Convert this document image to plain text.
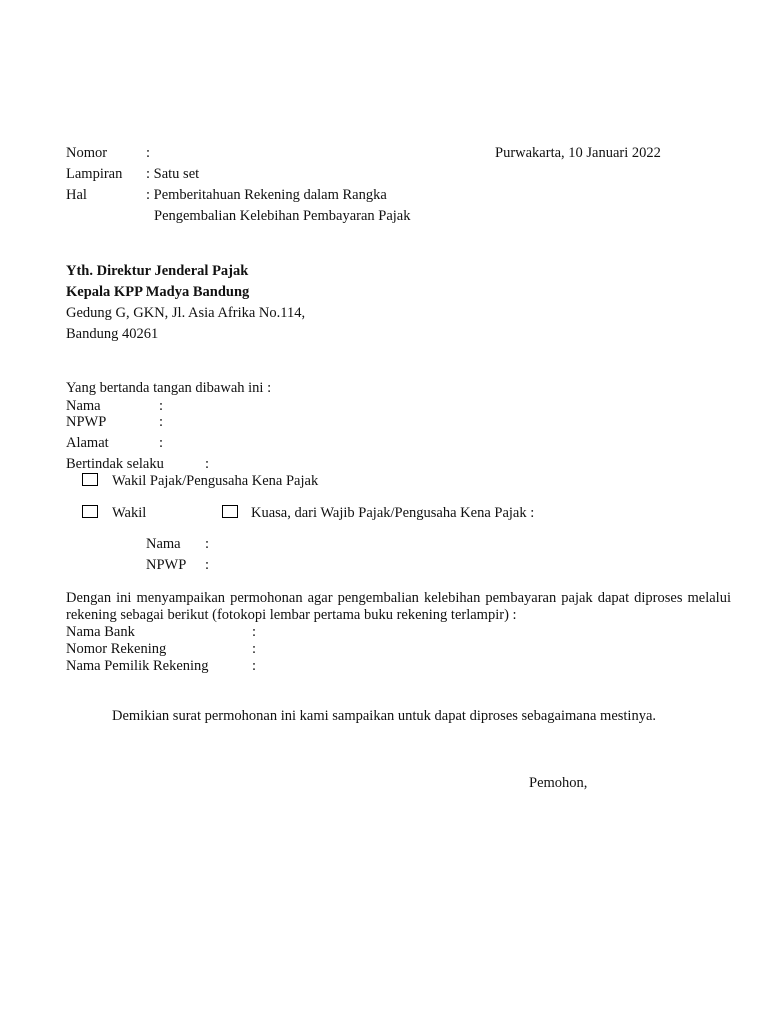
Nomor	:	Purwakarta, 10 Januari 2022
Lampiran : Satu set
Hal	: Pemberitahuan Rekening dalam Rangka
Pengembalian Kelebihan Pembayaran Pajak
Yth. Direktur Jenderal Pajak
Kepala KPP Madya Bandung
Gedung G, GKN, Jl. Asia Afrika No.114,
Bandung 40261
Yang bertanda tangan dibawah ini :
Nama	:
NPWP	:
Alamat	:
Bertindak selaku	:
Wakil Pajak/Pengusaha Kena Pajak
Wakil	Kuasa, dari Wajib Pajak/Pengusaha Kena Pajak :
Nama :
NPWP :
Dengan ini menyampaikan permohonan agar pengembalian kelebihan pembayaran pajak dapat diproses melalui rekening sebagai berikut (fotokopi lembar pertama buku rekening terlampir) :
Nama Bank	:
Nomor Rekening	:
Nama Pemilik Rekening	:
Demikian surat permohonan ini kami sampaikan untuk dapat diproses sebagaimana mestinya.
Pemohon,
